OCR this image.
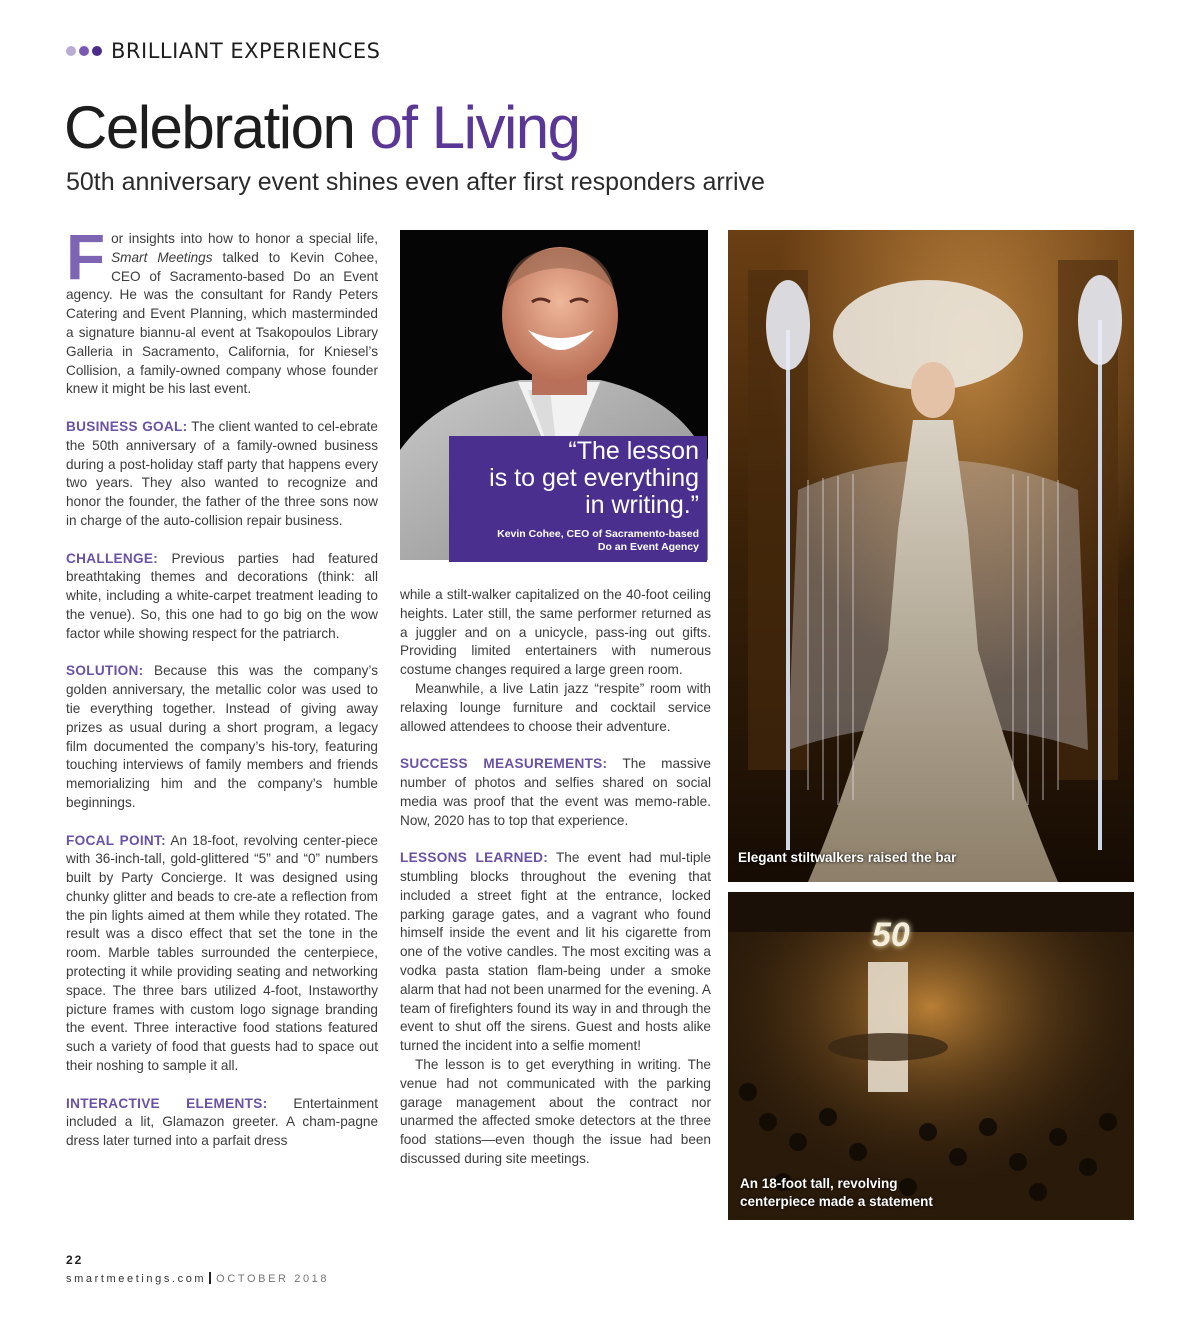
BRILLIANT EXPERIENCES
Celebration of Living
50th anniversary event shines even after first responders arrive

For insights into how to honor a special life, Smart Meetings talked to Kevin Cohee, CEO of Sacramento-based Do an Event agency. He was the consultant for Randy Peters Catering and Event Planning, which masterminded a signature biannu-al event at Tsakopoulos Library Galleria in Sacramento, California, for Kniesel’s Collision, a family-owned company whose founder knew it might be his last event.

BUSINESS GOAL: The client wanted to cel-ebrate the 50th anniversary of a family-owned business during a post-holiday staff party that happens every two years. They also wanted to recognize and honor the founder, the father of the three sons now in charge of the auto-collision repair business.

CHALLENGE: Previous parties had featured breathtaking themes and decorations (think: all white, including a white-carpet treatment leading to the venue). So, this one had to go big on the wow factor while showing respect for the patriarch.

SOLUTION: Because this was the company’s golden anniversary, the metallic color was used to tie everything together. Instead of giving away prizes as usual during a short program, a legacy film documented the company’s his-tory, featuring touching interviews of family members and friends memorializing him and the company’s humble beginnings.

FOCAL POINT: An 18-foot, revolving center-piece with 36-inch-tall, gold-glittered “5” and “0” numbers built by Party Concierge. It was designed using chunky glitter and beads to cre-ate a reflection from the pin lights aimed at them while they rotated. The result was a disco effect that set the tone in the room. Marble tables surrounded the centerpiece, protecting it while providing seating and networking space. The three bars utilized 4-foot, Instaworthy picture frames with custom logo signage branding the event. Three interactive food stations featured such a variety of food that guests had to space out their noshing to sample it all.

INTERACTIVE ELEMENTS: Entertainment included a lit, Glamazon greeter. A cham-pagne dress later turned into a parfait dress

“The lesson
is to get everything
in writing.”
Kevin Cohee, CEO of Sacramento-based
Do an Event Agency

while a stilt-walker capitalized on the 40-foot ceiling heights. Later still, the same performer returned as a juggler and on a unicycle, pass-ing out gifts. Providing limited entertainers with numerous costume changes required a large green room.

Meanwhile, a live Latin jazz “respite” room with relaxing lounge furniture and cocktail service allowed attendees to choose their adventure.

SUCCESS MEASUREMENTS: The massive number of photos and selfies shared on social media was proof that the event was memo-rable. Now, 2020 has to top that experience.

LESSONS LEARNED: The event had mul-tiple stumbling blocks throughout the evening that included a street fight at the entrance, locked parking garage gates, and a vagrant who found himself inside the event and lit his cigarette from one of the votive candles. The most exciting was a vodka pasta station flam-being under a smoke alarm that had not been unarmed for the evening. A team of firefighters found its way in and through the event to shut off the sirens. Guest and hosts alike turned the incident into a selfie moment!

The lesson is to get everything in writing. The venue had not communicated with the parking garage management about the contract nor unarmed the affected smoke detectors at the three food stations—even though the issue had been discussed during site meetings.

Elegant stiltwalkers raised the bar
50
An 18-foot tall, revolving
centerpiece made a statement
22
smartmeetings.com OCTOBER 2018
